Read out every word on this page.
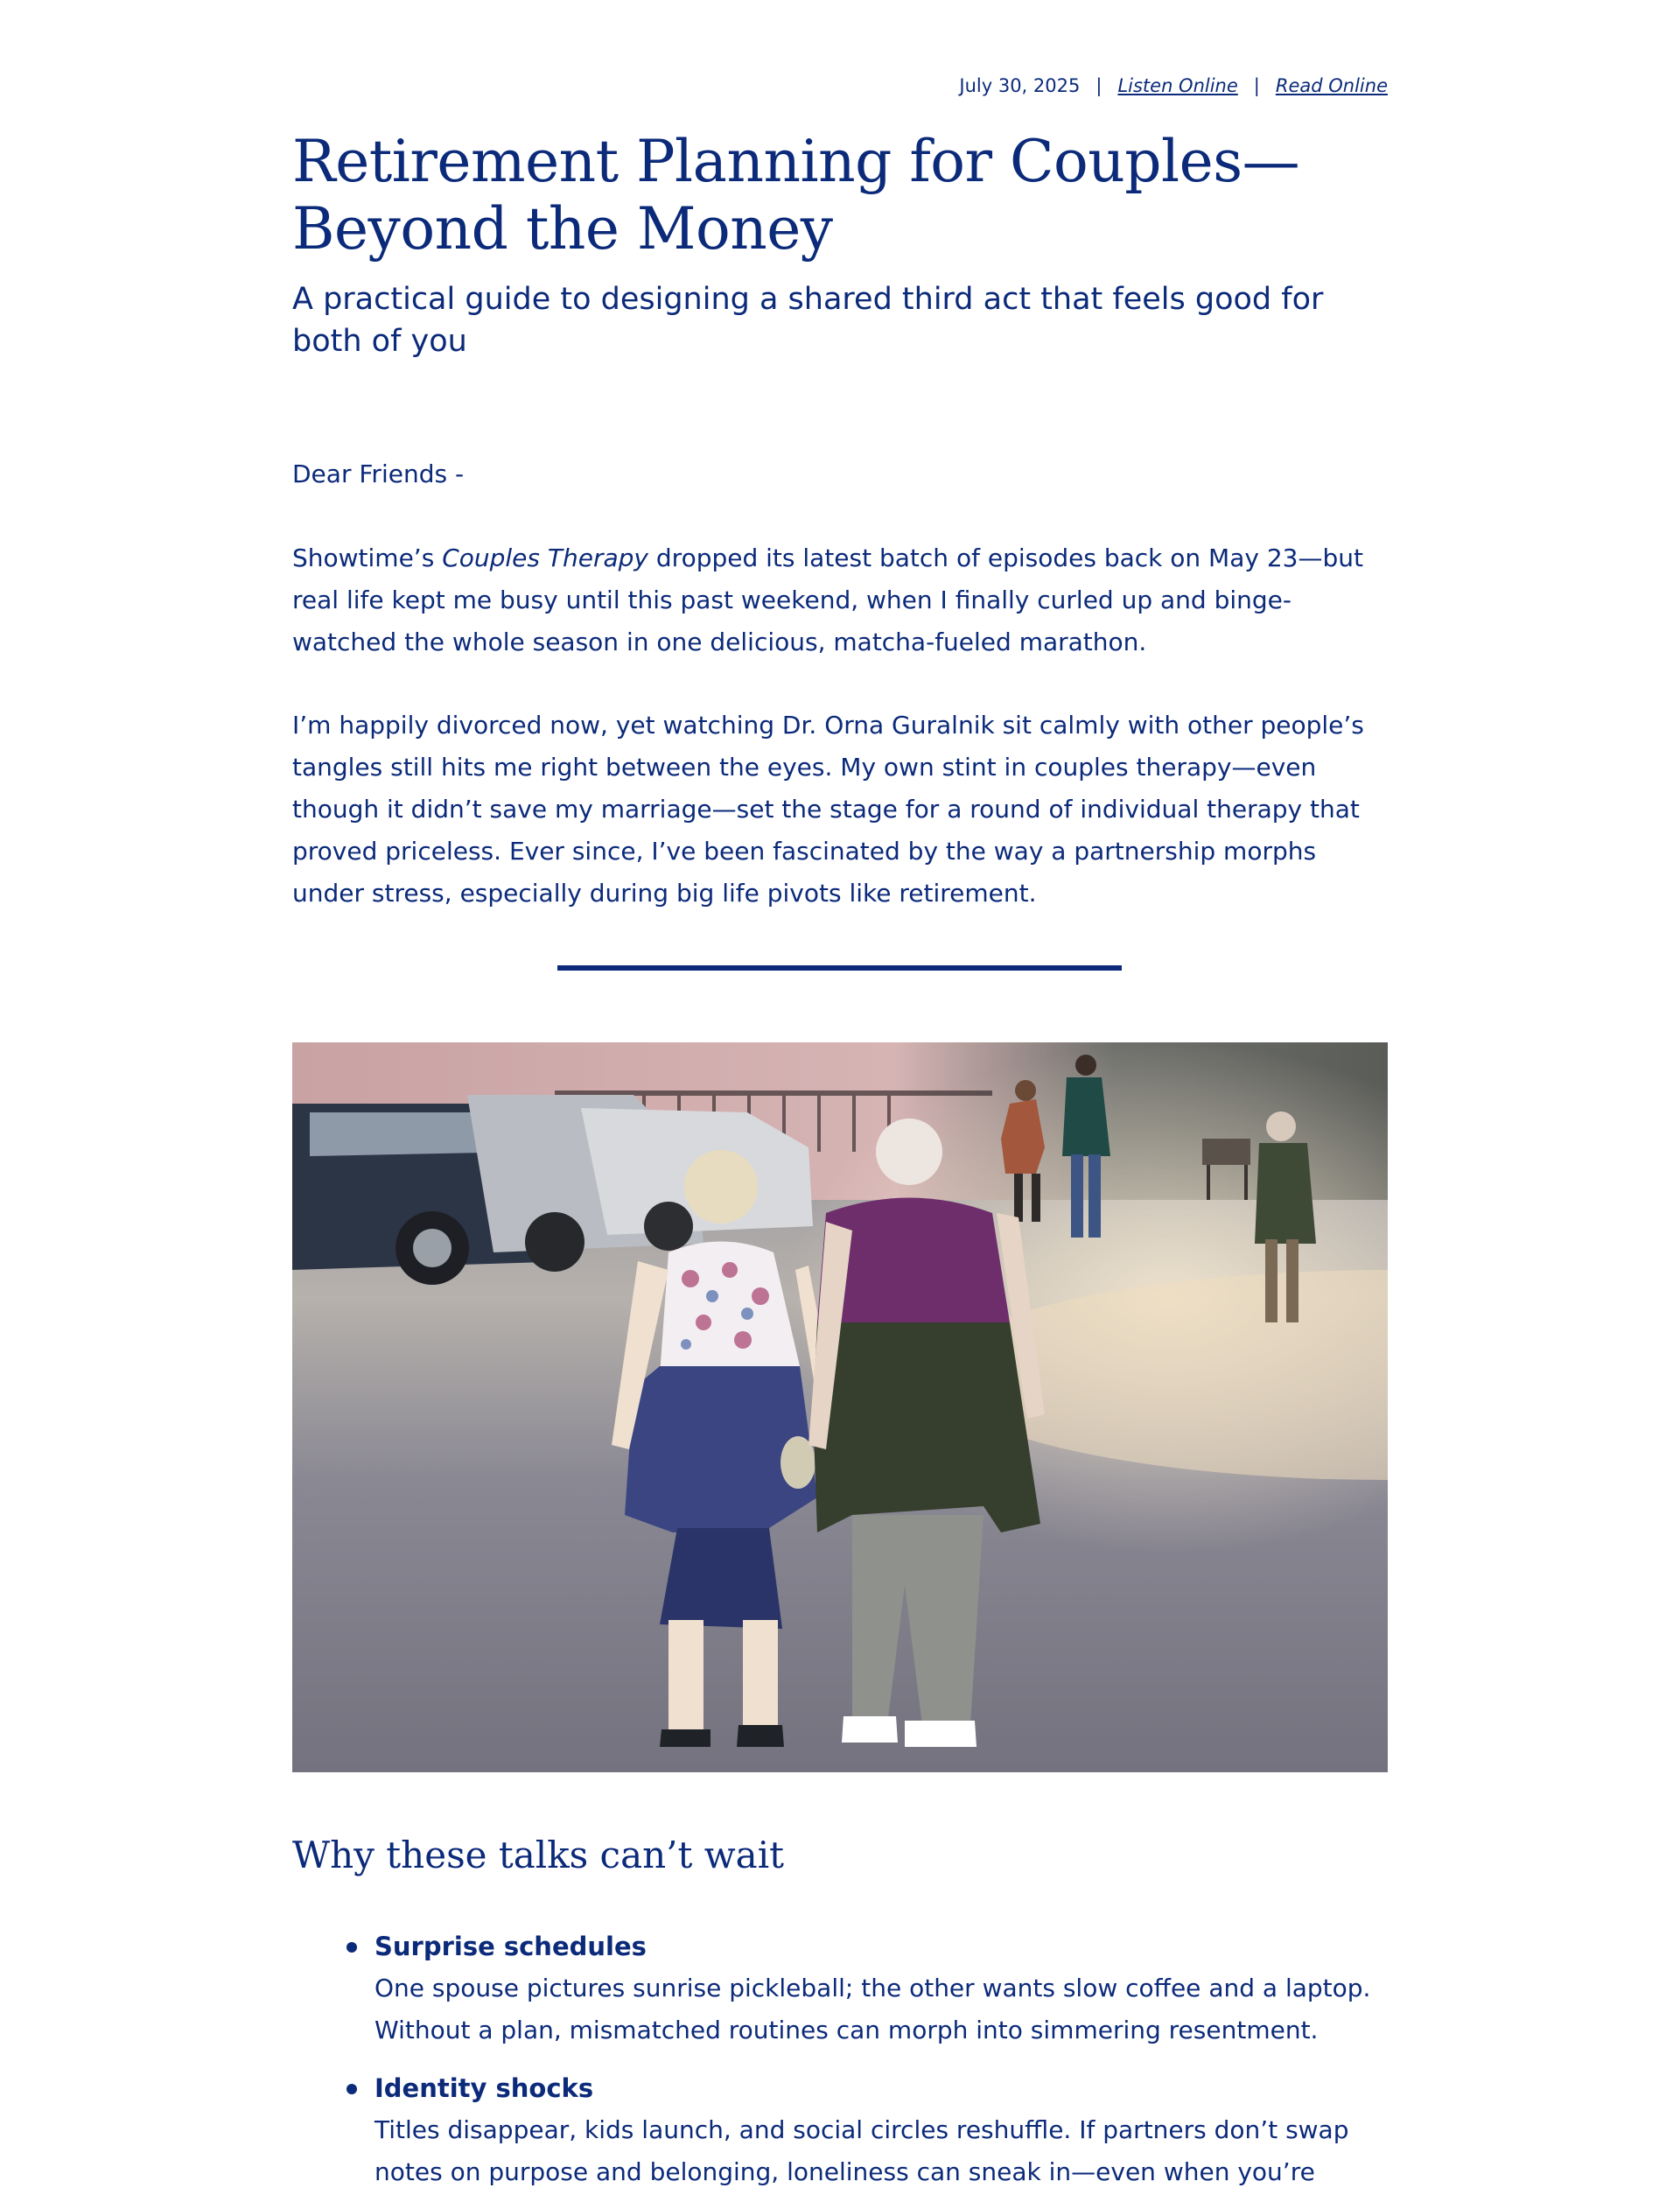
July 30, 2025 | Listen Online | Read Online
Retirement Planning for Couples—Beyond the Money

A practical guide to designing a shared third act that feels good for both of you

Dear Friends -

Showtime’s Couples Therapy dropped its latest batch of episodes back on May 23—but real life kept me busy until this past weekend, when I finally curled up and binge-watched the whole season in one delicious, matcha-fueled marathon.

I’m happily divorced now, yet watching Dr. Orna Guralnik sit calmly with other people’s tangles still hits me right between the eyes. My own stint in couples therapy—even though it didn’t save my marriage—set the stage for a round of individual therapy that proved priceless. Ever since, I’ve been fascinated by the way a partnership morphs under stress, especially during big life pivots like retirement.

Why these talks can’t wait
Surprise schedules
One spouse pictures sunrise pickleball; the other wants slow coffee and a laptop. Without a plan, mismatched routines can morph into simmering resentment.
Identity shocks
Titles disappear, kids launch, and social circles reshuffle. If partners don’t swap notes on purpose and belonging, loneliness can sneak in—even when you’re
